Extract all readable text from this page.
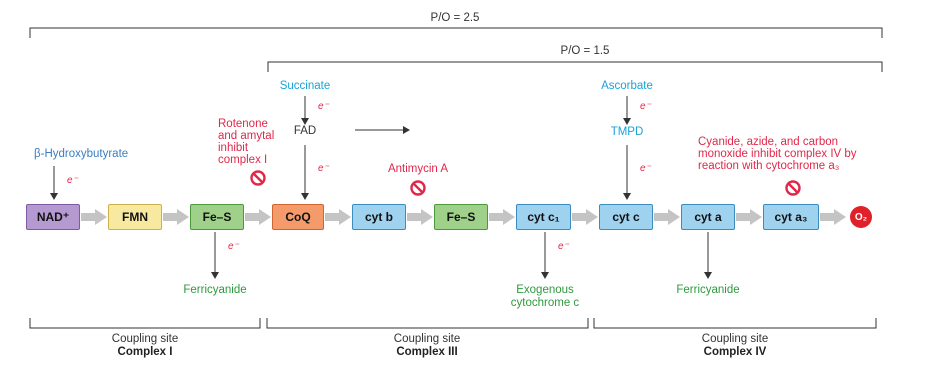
P/O = 2.5
P/O = 1.5
β-Hydroxybutyrate
e⁻
Succinate
e⁻
FAD
e⁻
Ascorbate
e⁻
TMPD
e⁻
Rotenone
and amytal
inhibit
complex I
Antimycin A
Cyanide, azide, and carbon
monoxide inhibit complex IV by
reaction with cytochrome a₃
NAD⁺	FMN	Fe–S	CoQ	cyt b	Fe–S	cyt c₁	cyt c	cyt a	cyt a₃	O₂
e⁻
Ferricyanide
e⁻
Exogenous
cytochrome c
Ferricyanide
Coupling site
Complex I
Coupling site
Complex III
Coupling site
Complex IV
